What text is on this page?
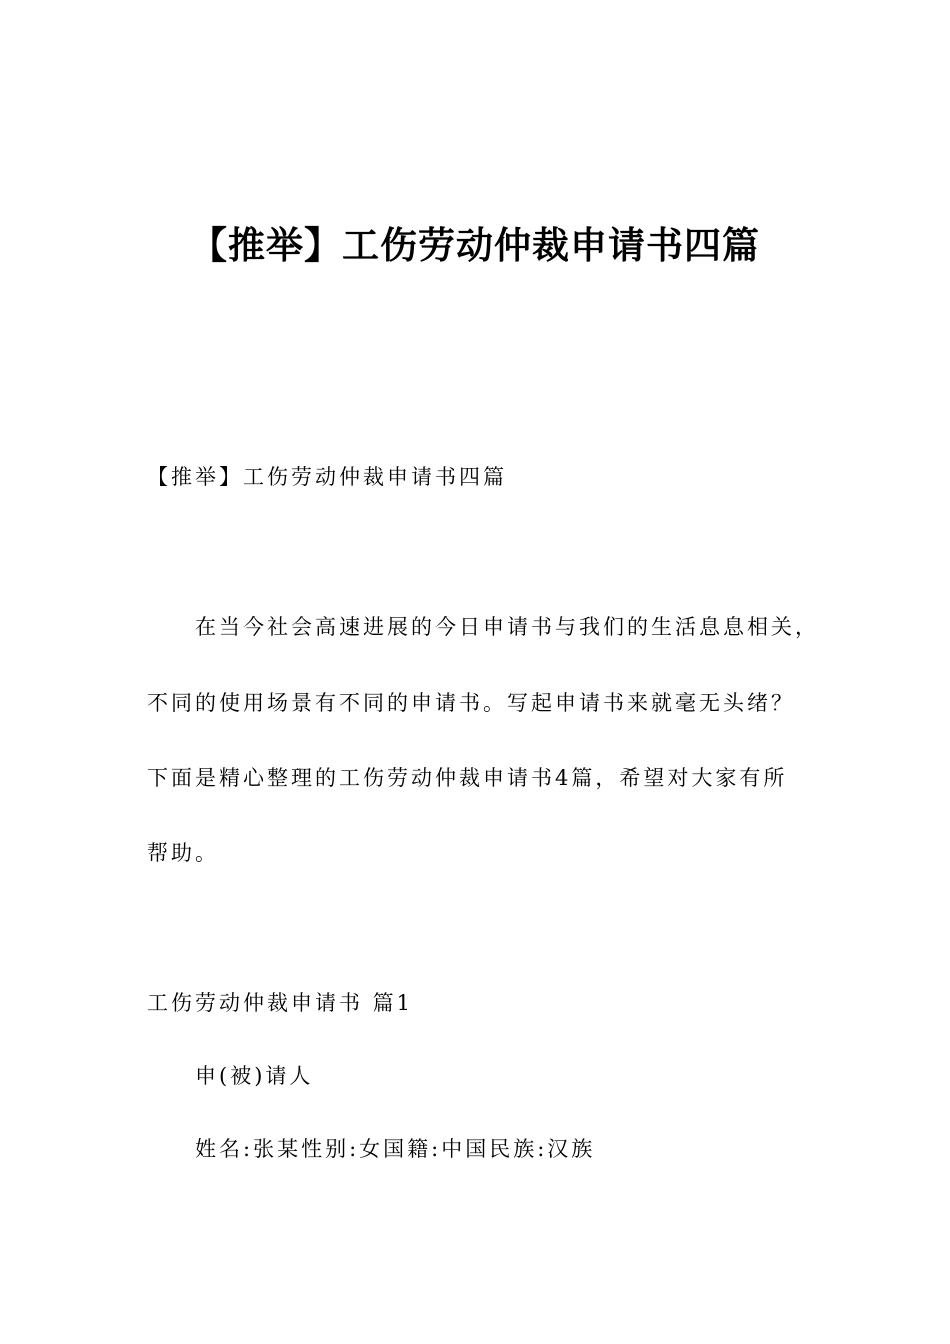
【推举】工伤劳动仲裁申请书四篇
【推举】工伤劳动仲裁申请书四篇
在当今社会高速进展的今日申请书与我们的生活息息相关，
不同的使用场景有不同的申请书。写起申请书来就毫无头绪？
下面是精心整理的工伤劳动仲裁申请书4篇，希望对大家有所
帮助。
工伤劳动仲裁申请书 篇1
申(被)请人
姓名:张某性别:女国籍:中国民族:汉族
